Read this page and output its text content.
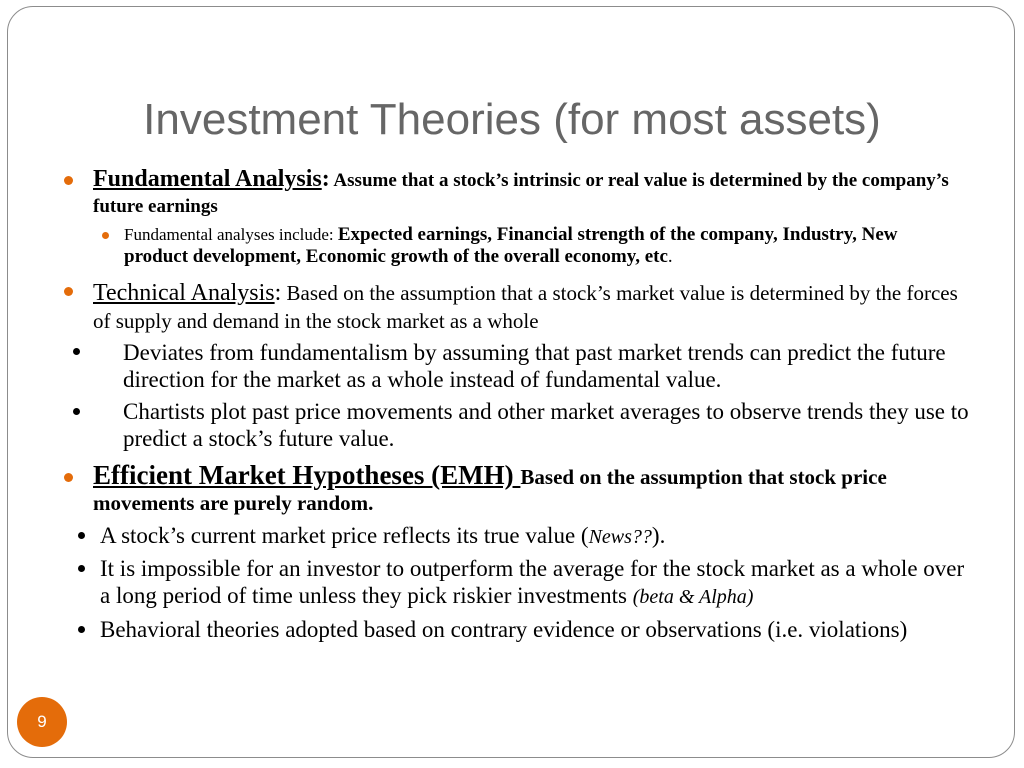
Investment Theories (for most assets)
Fundamental Analysis: Assume that a stock’s intrinsic or real value is determined by the company’s future earnings
Fundamental analyses include: Expected earnings, Financial strength of the company, Industry, New product development, Economic growth of the overall economy, etc.
Technical Analysis: Based on the assumption that a stock’s market value is determined by the forces of supply and demand in the stock market as a whole
Deviates from fundamentalism by assuming that past market trends can predict the future direction for the market as a whole instead of fundamental value.
Chartists plot past price movements and other market averages to observe trends they use to predict a stock’s future value.
Efficient Market Hypotheses (EMH) Based on the assumption that stock price movements are purely random.
A stock’s current market price reflects its true value (News??).
It is impossible for an investor to outperform the average for the stock market as a whole over a long period of time unless they pick riskier investments (beta & Alpha)
Behavioral theories adopted based on contrary evidence or observations (i.e. violations)
9
